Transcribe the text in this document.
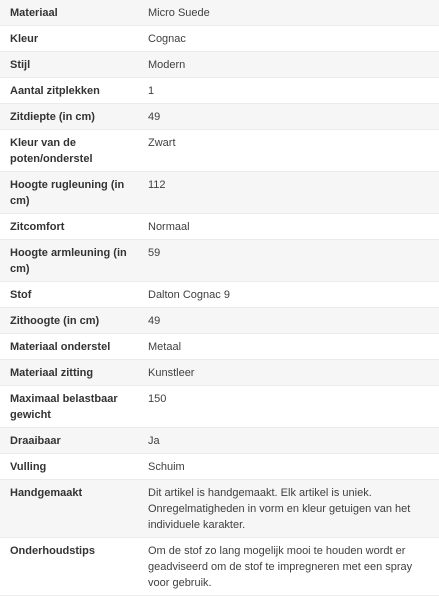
Materiaal	Micro Suede
Kleur	Cognac
Stijl	Modern
Aantal zitplekken	1
Zitdiepte (in cm)	49
Kleur van de poten/onderstel	Zwart
Hoogte rugleuning (in cm)	112
Zitcomfort	Normaal
Hoogte armleuning (in cm)	59
Stof	Dalton Cognac 9
Zithoogte (in cm)	49
Materiaal onderstel	Metaal
Materiaal zitting	Kunstleer
Maximaal belastbaar gewicht	150
Draaibaar	Ja
Vulling	Schuim
Handgemaakt	Dit artikel is handgemaakt. Elk artikel is uniek. Onregelmatigheden in vorm en kleur getuigen van het individuele karakter.
Onderhoudstips	Om de stof zo lang mogelijk mooi te houden wordt er geadviseerd om de stof te impregneren met een spray voor gebruik.
